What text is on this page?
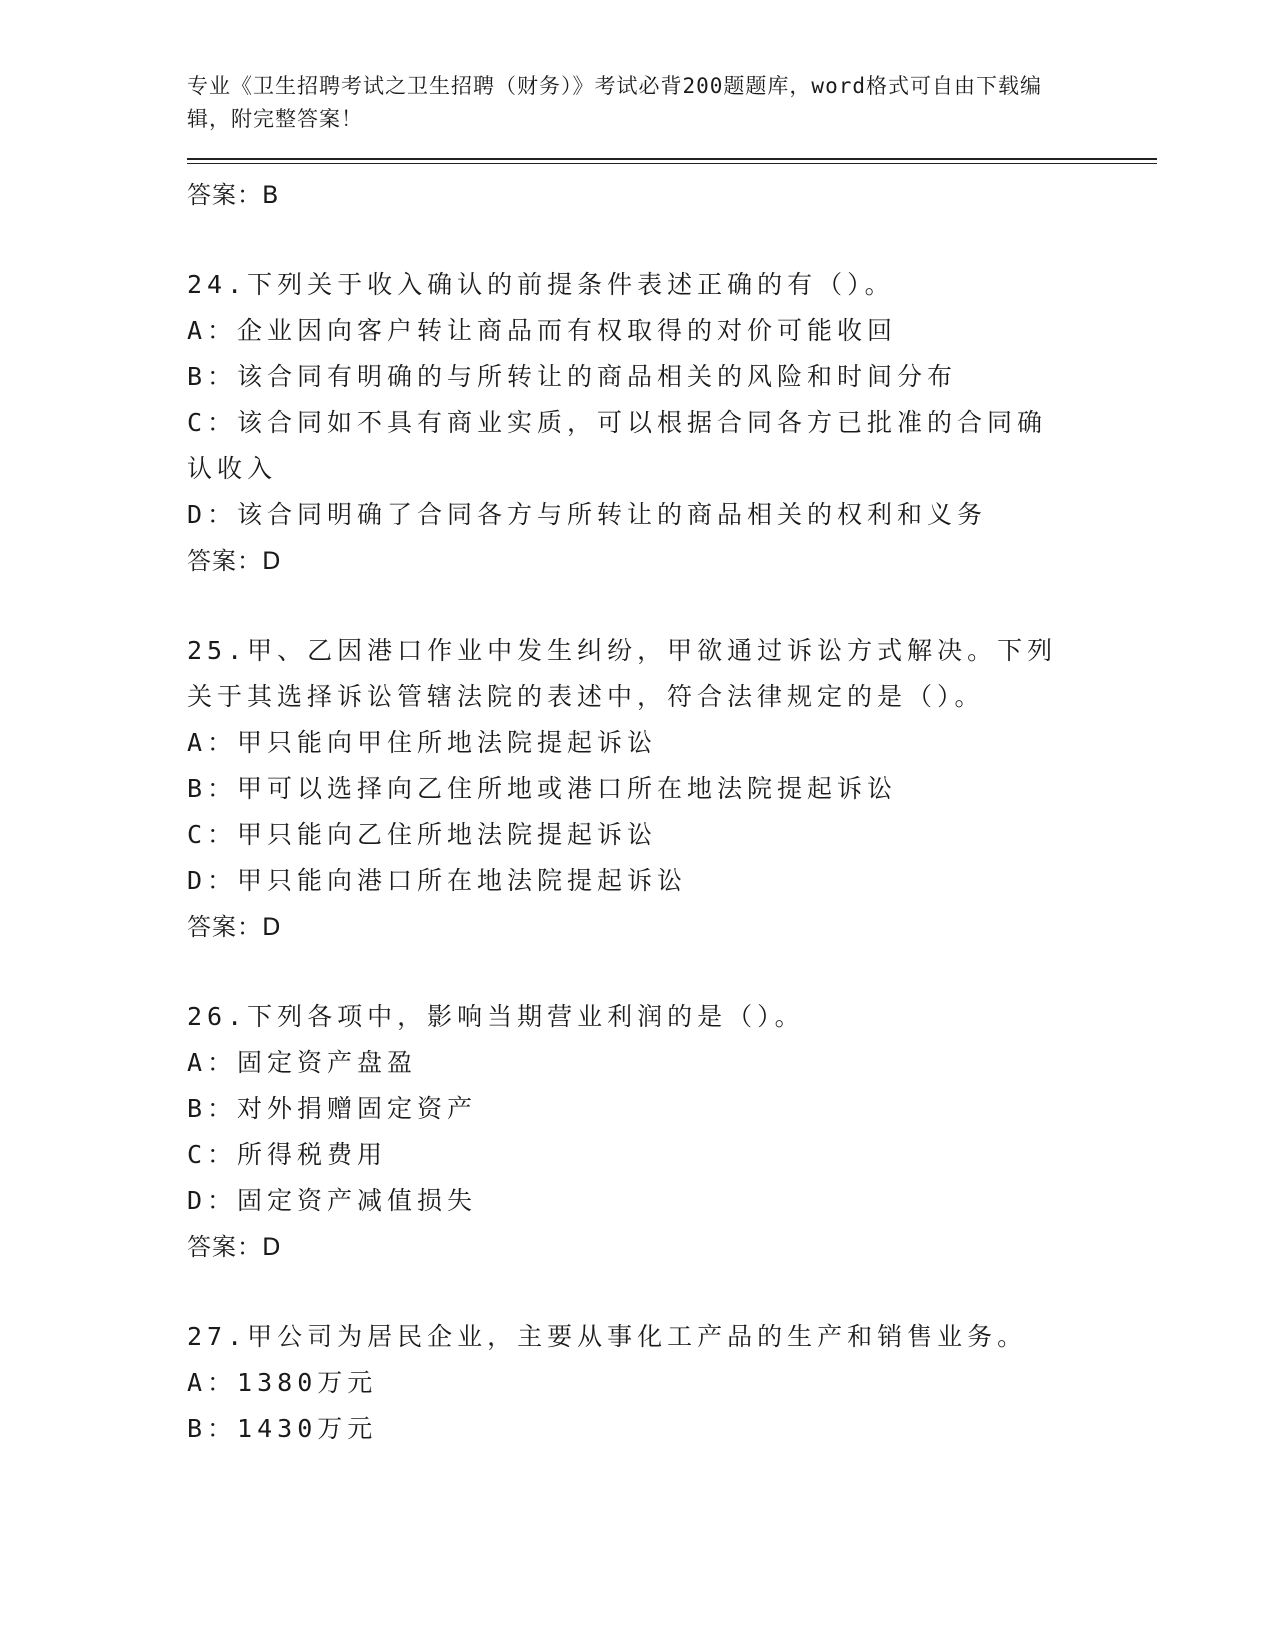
专业《卫生招聘考试之卫生招聘（财务）》考试必背200题题库，word格式可自由下载编辑，附完整答案！
答案：B
24.下列关于收入确认的前提条件表述正确的有（）。
A：企业因向客户转让商品而有权取得的对价可能收回
B：该合同有明确的与所转让的商品相关的风险和时间分布
C：该合同如不具有商业实质，可以根据合同各方已批准的合同确认收入
D：该合同明确了合同各方与所转让的商品相关的权利和义务
答案：D
25.甲、乙因港口作业中发生纠纷，甲欲通过诉讼方式解决。下列关于其选择诉讼管辖法院的表述中，符合法律规定的是（）。
A：甲只能向甲住所地法院提起诉讼
B：甲可以选择向乙住所地或港口所在地法院提起诉讼
C：甲只能向乙住所地法院提起诉讼
D：甲只能向港口所在地法院提起诉讼
答案：D
26.下列各项中，影响当期营业利润的是（）。
A：固定资产盘盈
B：对外捐赠固定资产
C：所得税费用
D：固定资产减值损失
答案：D
27.甲公司为居民企业，主要从事化工产品的生产和销售业务。
A：1380万元
B：1430万元
